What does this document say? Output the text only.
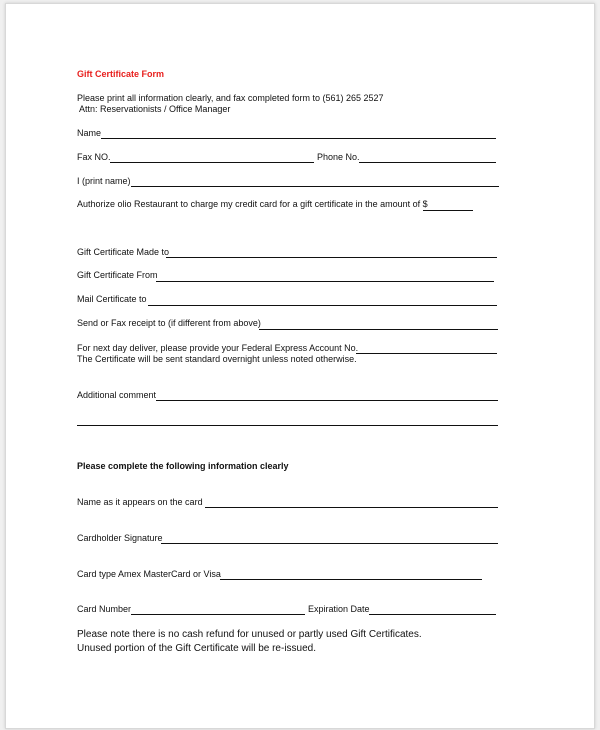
Gift Certificate Form
Please print all information clearly, and fax completed form to (561) 265 2527
Attn: Reservationists / Office Manager
Name
Fax NO.	Phone No.
I (print name)
Authorize olio Restaurant to charge my credit card for a gift certificate in the amount of $
Gift Certificate Made to
Gift Certificate From
Mail Certificate to
Send or Fax receipt to (if different from above)
For next day deliver, please provide your Federal Express Account No.
The Certificate will be sent standard overnight unless noted otherwise.
Additional comment
Please complete the following information clearly
Name as it appears on the card
Cardholder Signature
Card type Amex MasterCard or Visa
Card Number	Expiration Date
Please note there is no cash refund for unused or partly used Gift Certificates.
Unused portion of the Gift Certificate will be re-issued.
